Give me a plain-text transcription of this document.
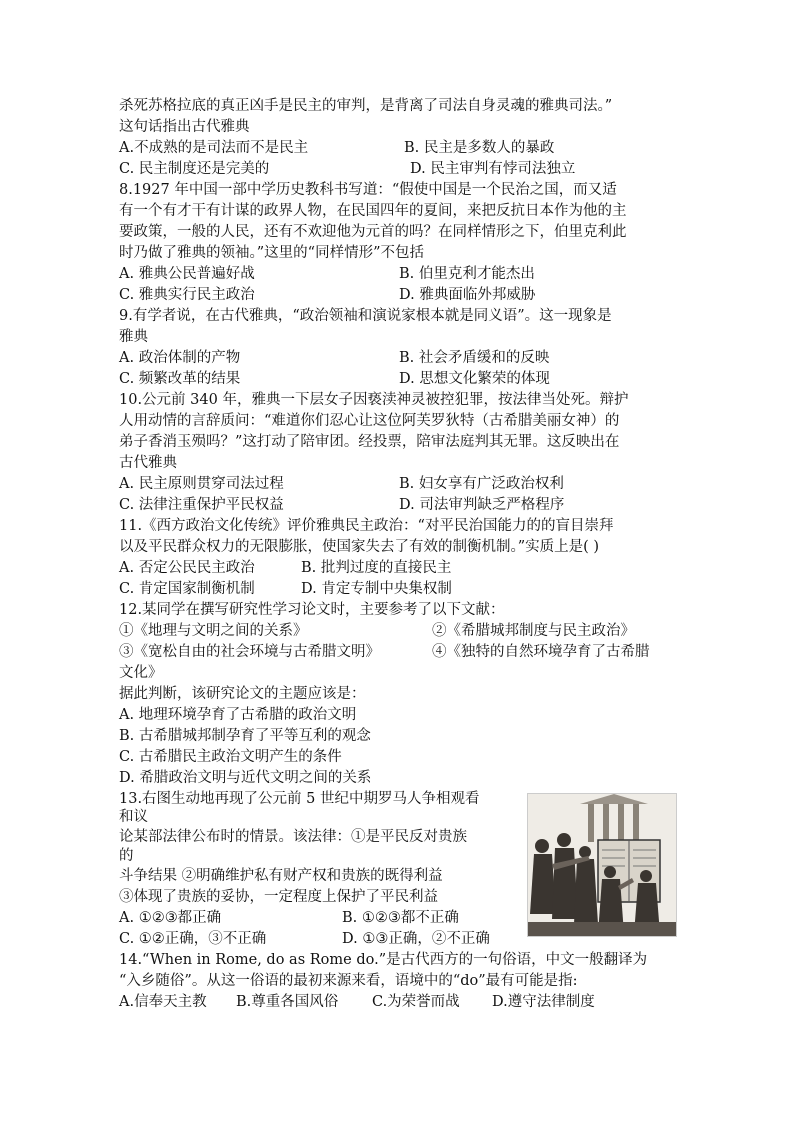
杀死苏格拉底的真正凶手是民主的审判，是背离了司法自身灵魂的雅典司法。”
这句话指出古代雅典
A.不成熟的是司法而不是民主	B. 民主是多数人的暴政
C. 民主制度还是完美的	D. 民主审判有悖司法独立
8.1927 年中国一部中学历史教科书写道：“假使中国是一个民治之国，而又适
有一个有才干有计谋的政界人物，在民国四年的夏间，来把反抗日本作为他的主
要政策，一般的人民，还有不欢迎他为元首的吗？在同样情形之下，伯里克利此
时乃做了雅典的领袖。”这里的“同样情形”不包括
A. 雅典公民普遍好战	B. 伯里克利才能杰出
C. 雅典实行民主政治	D. 雅典面临外邦威胁
9.有学者说，在古代雅典，“政治领袖和演说家根本就是同义语”。这一现象是
雅典
A. 政治体制的产物	B. 社会矛盾缓和的反映
C. 频繁改革的结果	D. 思想文化繁荣的体现
10.公元前 340 年，雅典一下层女子因亵渎神灵被控犯罪，按法律当处死。辩护
人用动情的言辞质问：“难道你们忍心让这位阿芙罗狄特（古希腊美丽女神）的
弟子香消玉殒吗？”这打动了陪审团。经投票，陪审法庭判其无罪。这反映出在
古代雅典
A. 民主原则贯穿司法过程	B. 妇女享有广泛政治权利
C. 法律注重保护平民权益	D. 司法审判缺乏严格程序
11.《西方政治文化传统》评价雅典民主政治：“对平民治国能力的的盲目崇拜
以及平民群众权力的无限膨胀，使国家失去了有效的制衡机制。”实质上是( )
A. 否定公民民主政治	B. 批判过度的直接民主
C. 肯定国家制衡机制	D. 肯定专制中央集权制
12.某同学在撰写研究性学习论文时，主要参考了以下文献：
①《地理与文明之间的关系》	②《希腊城邦制度与民主政治》
③《宽松自由的社会环境与古希腊文明》	④《独特的自然环境孕育了古希腊
文化》
据此判断，该研究论文的主题应该是：
A. 地理环境孕育了古希腊的政治文明
B. 古希腊城邦制孕育了平等互利的观念
C. 古希腊民主政治文明产生的条件
D. 希腊政治文明与近代文明之间的关系
13.右图生动地再现了公元前 5 世纪中期罗马人争相观看
和议
论某部法律公布时的情景。该法律：①是平民反对贵族
的
斗争结果 ②明确维护私有财产权和贵族的既得利益
③体现了贵族的妥协，一定程度上保护了平民利益
A. ①②③都正确	B. ①②③都不正确
C. ①②正确，③不正确	D. ①③正确，②不正确
14.“When in Rome, do as Rome do.”是古代西方的一句俗语，中文一般翻译为
“入乡随俗”。从这一俗语的最初来源来看，语境中的“do”最有可能是指:
A.信奉天主教 B.尊重各国风俗 C.为荣誉而战 D.遵守法律制度
